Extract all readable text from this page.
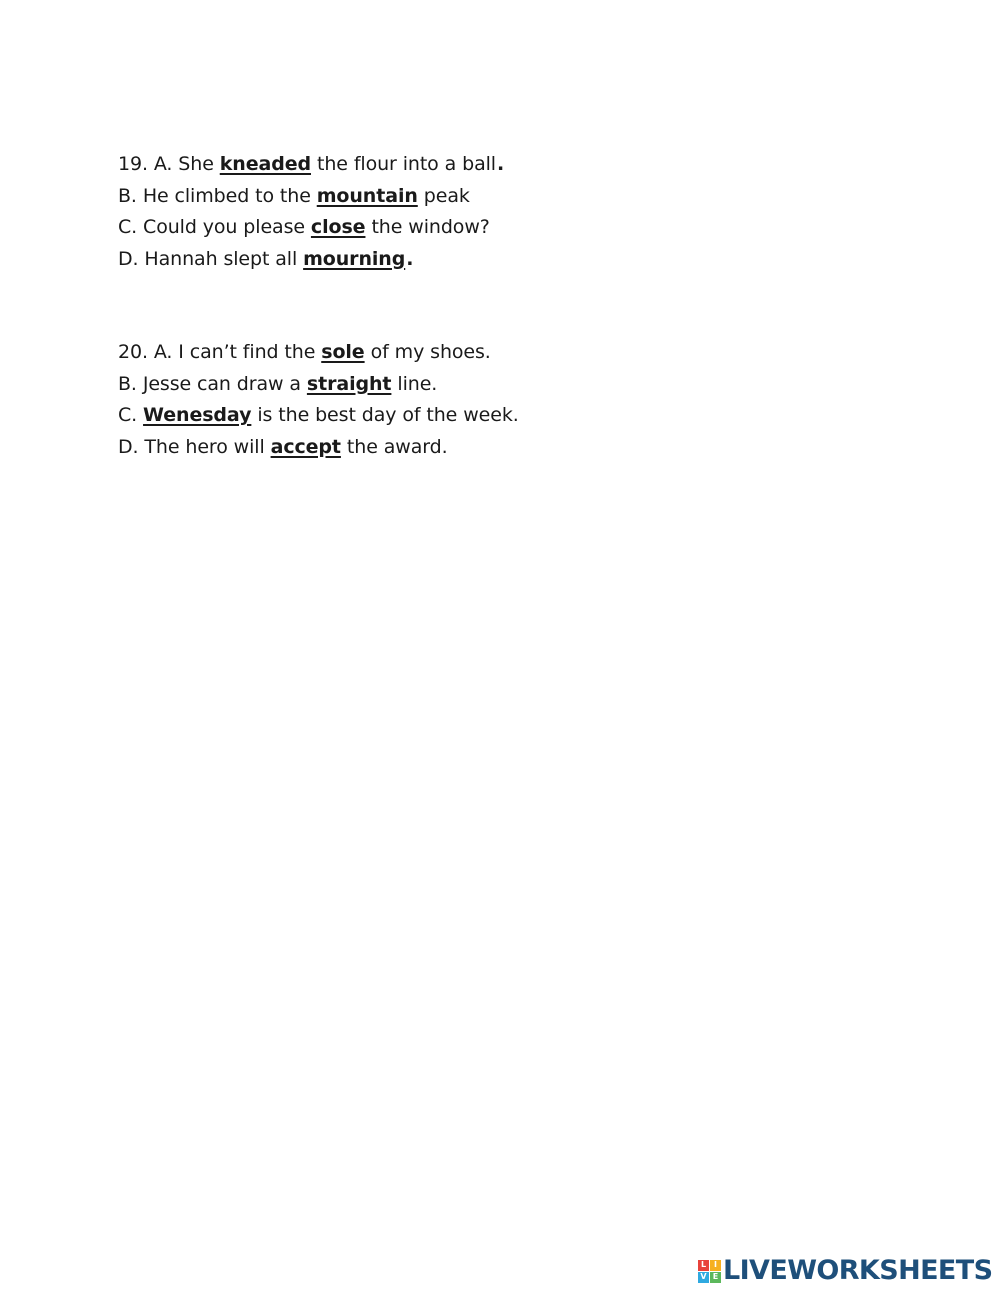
19. A. She kneaded the flour into a ball.
B. He climbed to the mountain peak
C. Could you please close the window?
D. Hannah slept all mourning.
20. A. I can’t find the sole of my shoes.
B. Jesse can draw a straight line.
C. Wenesday is the best day of the week.
D. The hero will accept the award.
L I
V E LIVEWORKSHEETS
